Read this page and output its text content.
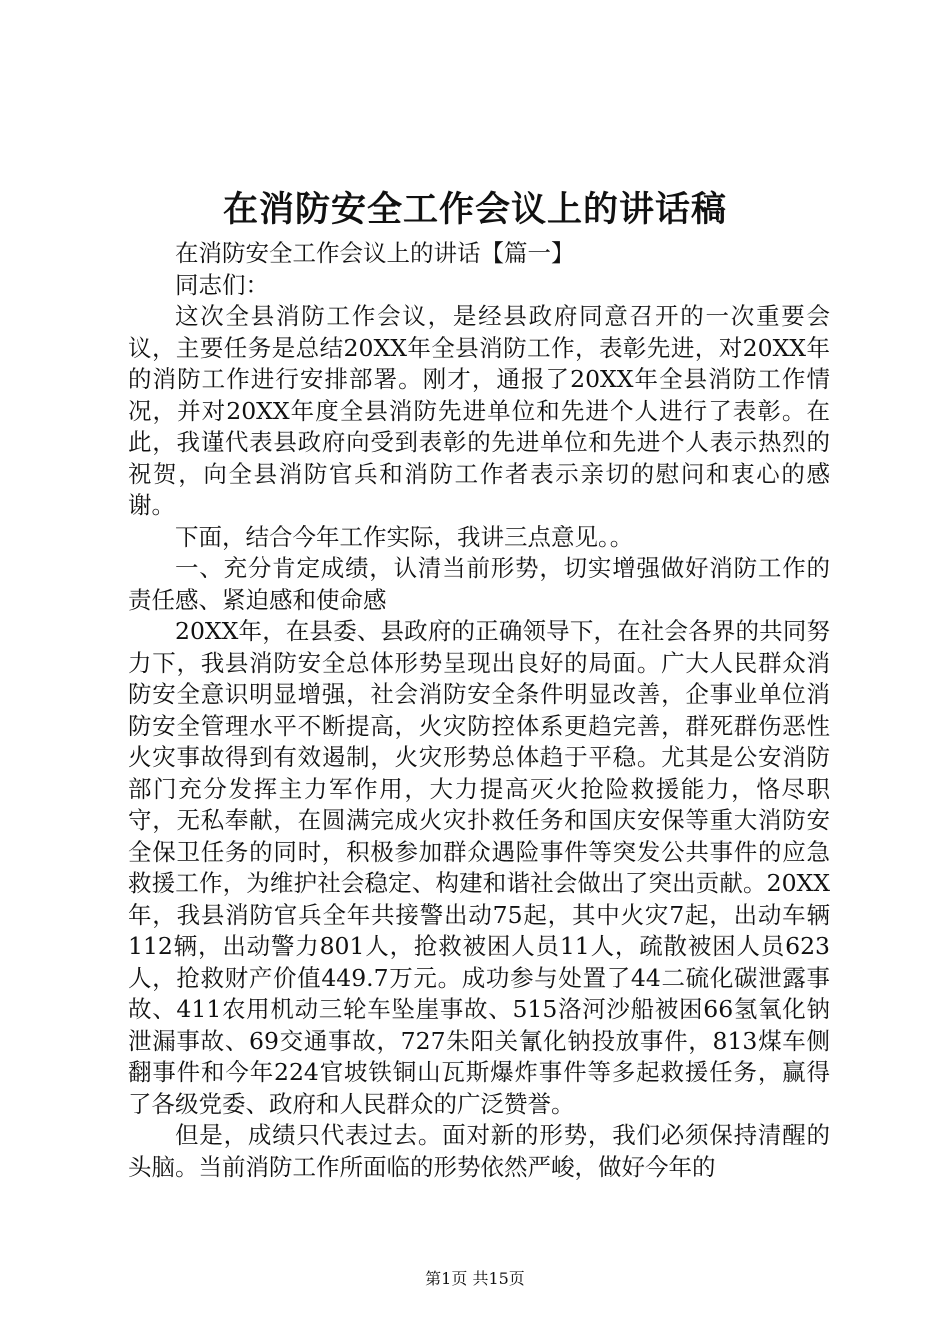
在消防安全工作会议上的讲话稿

在消防安全工作会议上的讲话【篇一】

同志们：

这次全县消防工作会议，是经县政府同意召开的一次重要会议，主要任务是总结20XX年全县消防工作，表彰先进，对20XX年的消防工作进行安排部署。刚才，通报了20XX年全县消防工作情况，并对20XX年度全县消防先进单位和先进个人进行了表彰。在此，我谨代表县政府向受到表彰的先进单位和先进个人表示热烈的祝贺，向全县消防官兵和消防工作者表示亲切的慰问和衷心的感谢。

下面，结合今年工作实际，我讲三点意见。。

一、充分肯定成绩，认清当前形势，切实增强做好消防工作的责任感、紧迫感和使命感

20XX年，在县委、县政府的正确领导下，在社会各界的共同努力下，我县消防安全总体形势呈现出良好的局面。广大人民群众消防安全意识明显增强，社会消防安全条件明显改善，企事业单位消防安全管理水平不断提高，火灾防控体系更趋完善，群死群伤恶性火灾事故得到有效遏制，火灾形势总体趋于平稳。尤其是公安消防部门充分发挥主力军作用，大力提高灭火抢险救援能力，恪尽职守，无私奉献，在圆满完成火灾扑救任务和国庆安保等重大消防安全保卫任务的同时，积极参加群众遇险事件等突发公共事件的应急救援工作，为维护社会稳定、构建和谐社会做出了突出贡献。20XX年，我县消防官兵全年共接警出动75起，其中火灾7起，出动车辆112辆，出动警力801人，抢救被困人员11人，疏散被困人员623人，抢救财产价值449.7万元。成功参与处置了44二硫化碳泄露事故、411农用机动三轮车坠崖事故、515洛河沙船被困66氢氧化钠泄漏事故、69交通事故，727朱阳关氰化钠投放事件，813煤车侧翻事件和今年224官坡铁铜山瓦斯爆炸事件等多起救援任务，赢得了各级党委、政府和人民群众的广泛赞誉。

但是，成绩只代表过去。面对新的形势，我们必须保持清醒的头脑。当前消防工作所面临的形势依然严峻，做好今年的

第1页 共15页
